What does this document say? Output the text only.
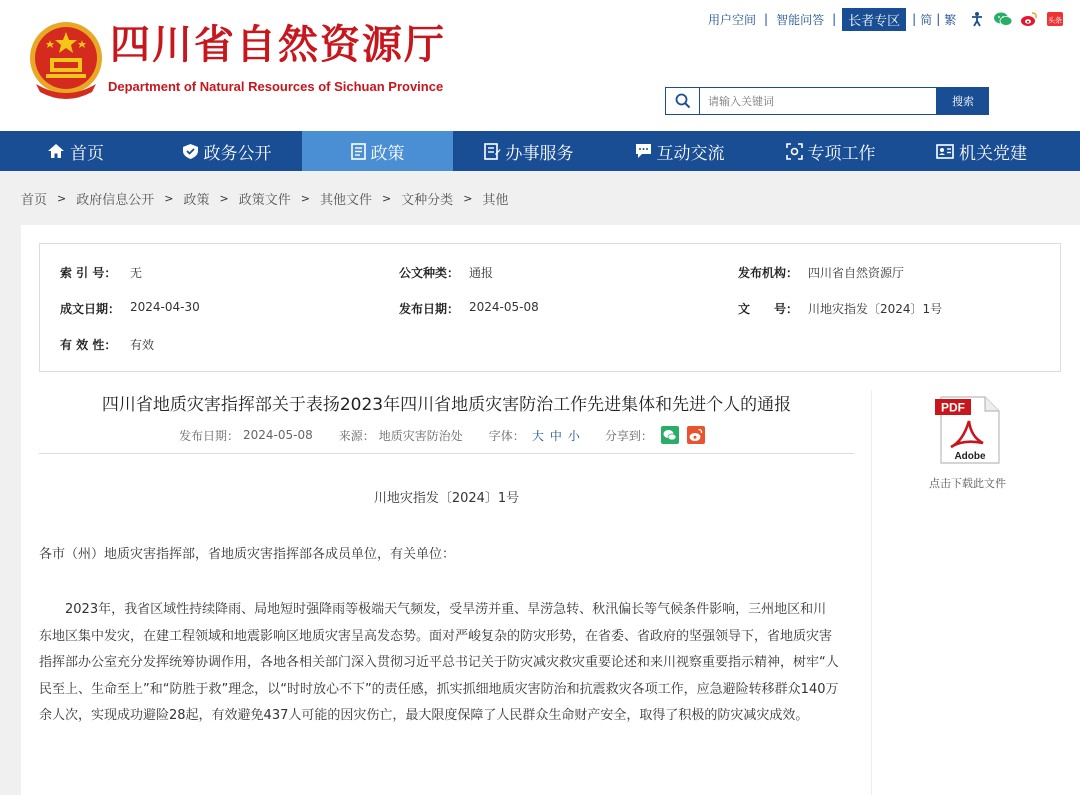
四川省自然资源厅
Department of Natural Resources of Sichuan Province
用户空间 | 智能问答 | 长者专区	| 简 | 繁	头条
请输入关键词
搜索
首页	政务公开	政策	办事服务	互动交流	专项工作	机关党建
首页 > 政府信息公开 > 政策 > 政策文件 > 其他文件 > 文种分类 > 其他
索 引 号：	无	公文种类： 通报	发布机构： 四川省自然资源厅
成文日期： 2024-04-30	发布日期： 2024-05-08	文　　号： 川地灾指发〔2024〕1号
有 效 性：	有效
四川省地质灾害指挥部关于表扬2023年四川省地质灾害防治工作先进集体和先进个人的通报
发布日期： 2024-05-08 来源： 地质灾害防治处 字体： 大 中 小 分享到：
川地灾指发〔2024〕1号
各市（州）地质灾害指挥部，省地质灾害指挥部各成员单位，有关单位：
2023年，我省区域性持续降雨、局地短时强降雨等极端天气频发，受旱涝并重、旱涝急转、秋汛偏长等气候条件影响，三州地区和川东地区集中发灾，在建工程领域和地震影响区地质灾害呈高发态势。面对严峻复杂的防灾形势，在省委、省政府的坚强领导下，省地质灾害指挥部办公室充分发挥统筹协调作用，各地各相关部门深入贯彻习近平总书记关于防灾减灾救灾重要论述和来川视察重要指示精神，树牢“人民至上、生命至上”和“防胜于救”理念，以“时时放心不下”的责任感，抓实抓细地质灾害防治和抗震救灾各项工作，应急避险转移群众140万余人次，实现成功避险28起，有效避免437人可能的因灾伤亡，最大限度保障了人民群众生命财产安全，取得了积极的防灾减灾成效。
PDF
Adobe
点击下载此文件
